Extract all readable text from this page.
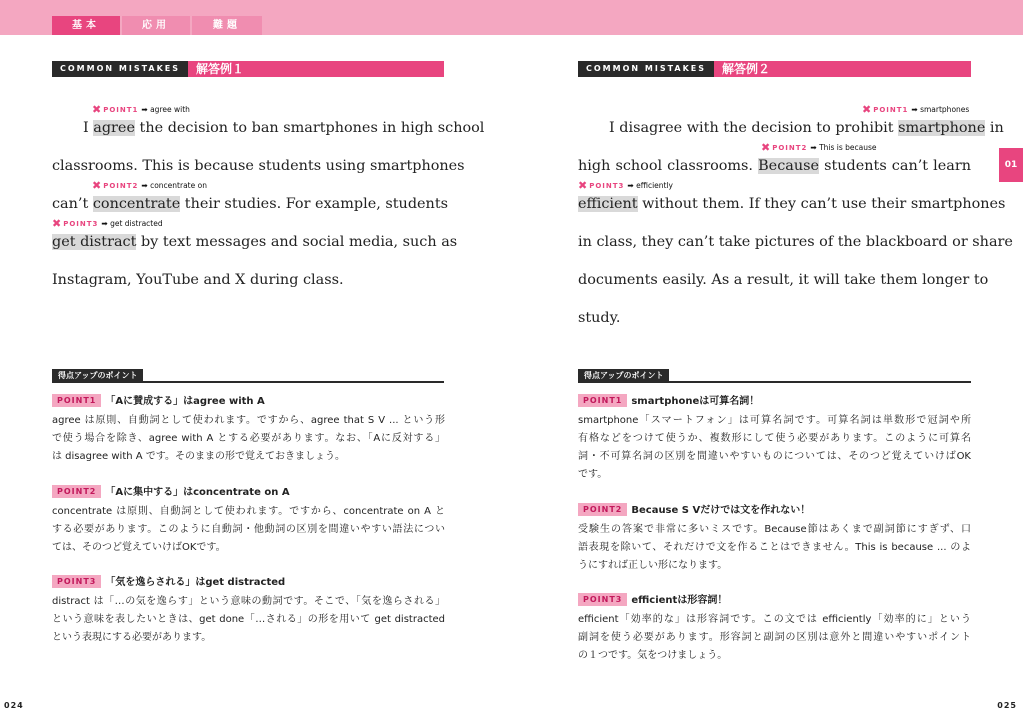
基本	応用	難題
COMMON MISTAKES	解答例１
✖ POINT1 ➡ agree with
I agree the decision to ban smartphones in high school
classrooms. This is because students using smartphones
✖ POINT2 ➡ concentrate on
can’t concentrate their studies. For example, students
✖ POINT3 ➡ get distracted
get distract by text messages and social media, such as
Instagram, YouTube and X during class.
得点アップのポイント
POINT1 「Aに賛成する」はagree with A
agree は原則、自動詞として使われます。ですから、agree that S V ... という形
で使う場合を除き、agree with A とする必要があります。なお、「Aに反対する」
は disagree with A です。そのままの形で覚えておきましょう。
POINT2 「Aに集中する」はconcentrate on A
concentrate は原則、自動詞として使われます。ですから、concentrate on A と
する必要があります。このように自動詞・他動詞の区別を間違いやすい語法につい
ては、そのつど覚えていけばOKです。
POINT3 「気を逸らされる」はget distracted
distract は「…の気を逸らす」という意味の動詞です。そこで、「気を逸らされる」
という意味を表したいときは、get done「…される」の形を用いて get distracted
という表現にする必要があります。
024
COMMON MISTAKES	解答例２
✖ POINT1 ➡ smartphones
I disagree with the decision to prohibit smartphone in
✖ POINT2 ➡ This is because
high school classrooms. Because students can’t learn
✖ POINT3 ➡ efficiently
efficient without them. If they can’t use their smartphones
in class, they can’t take pictures of the blackboard or share
documents easily. As a result, it will take them longer to
study.
得点アップのポイント
POINT1 smartphoneは可算名詞！
smartphone「スマートフォン」は可算名詞です。可算名詞は単数形で冠詞や所
有格などをつけて使うか、複数形にして使う必要があります。このように可算名
詞・不可算名詞の区別を間違いやすいものについては、そのつど覚えていけばOK
です。
POINT2 Because S Vだけでは文を作れない！
受験生の答案で非常に多いミスです。Because節はあくまで副詞節にすぎず、口
語表現を除いて、それだけで文を作ることはできません。This is because ... のよ
うにすれば正しい形になります。
POINT3 efficientは形容詞！
efficient「効率的な」は形容詞です。この文では efficiently「効率的に」という
副詞を使う必要があります。形容詞と副詞の区別は意外と間違いやすいポイント
の１つです。気をつけましょう。
01
025
